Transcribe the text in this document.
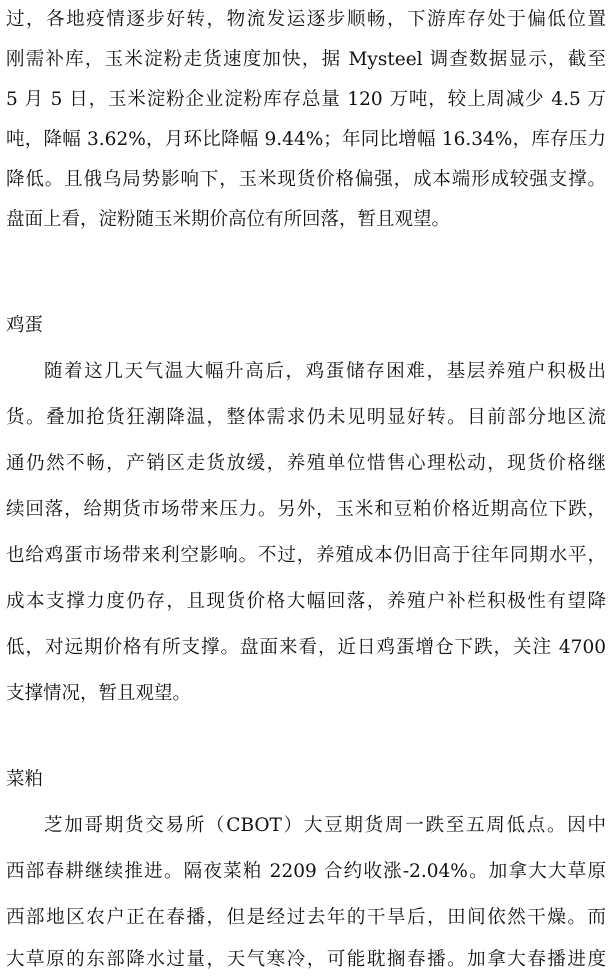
过，各地疫情逐步好转，物流发运逐步顺畅，下游库存处于偏低位置
刚需补库，玉米淀粉走货速度加快，据 Mysteel 调查数据显示，截至
5 月 5 日，玉米淀粉企业淀粉库存总量 120 万吨，较上周减少 4.5 万
吨，降幅 3.62%，月环比降幅 9.44%；年同比增幅 16.34%，库存压力
降低。且俄乌局势影响下，玉米现货价格偏强，成本端形成较强支撑。
盘面上看，淀粉随玉米期价高位有所回落，暂且观望。
鸡蛋
随着这几天气温大幅升高后，鸡蛋储存困难，基层养殖户积极出
货。叠加抢货狂潮降温，整体需求仍未见明显好转。目前部分地区流
通仍然不畅，产销区走货放缓，养殖单位惜售心理松动，现货价格继
续回落，给期货市场带来压力。另外，玉米和豆粕价格近期高位下跌，
也给鸡蛋市场带来利空影响。不过，养殖成本仍旧高于往年同期水平，
成本支撑力度仍存，且现货价格大幅回落，养殖户补栏积极性有望降
低，对远期价格有所支撑。盘面来看，近日鸡蛋增仓下跌，关注 4700
支撑情况，暂且观望。
菜粕
芝加哥期货交易所（CBOT）大豆期货周一跌至五周低点。因中
西部春耕继续推进。隔夜菜粕 2209 合约收涨-2.04%。加拿大大草原
西部地区农户正在春播，但是经过去年的干旱后，田间依然干燥。而
大草原的东部降水过量，天气寒冷，可能耽搁春播。加拿大春播进度
